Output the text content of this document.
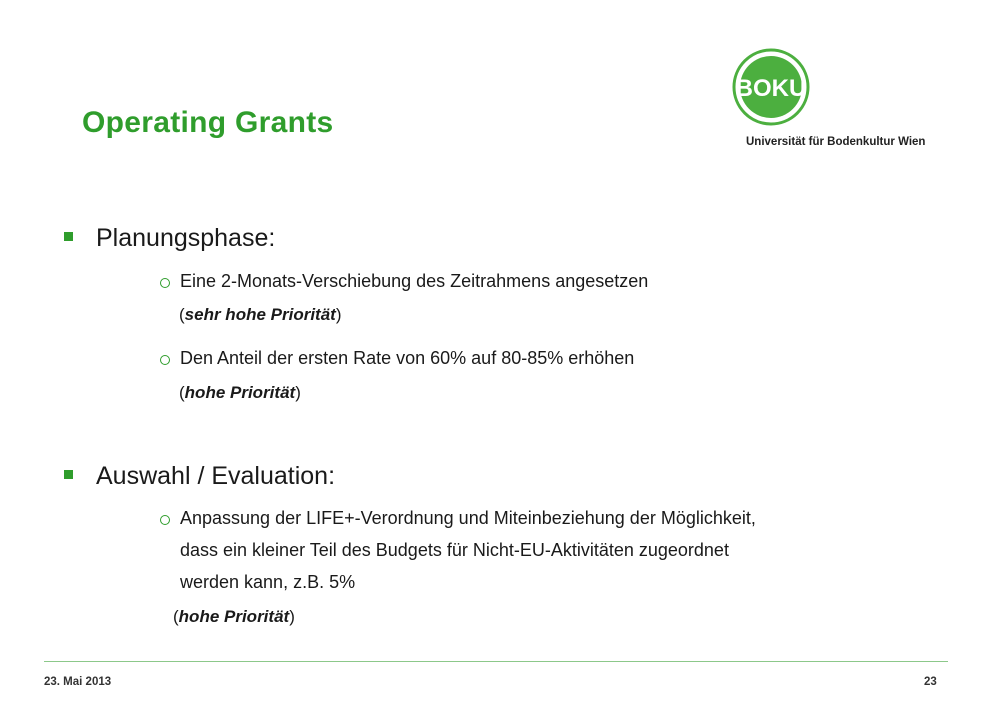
Operating Grants
BOKU
Universität für Bodenkultur Wien
Planungsphase:
Eine 2-Monats-Verschiebung des Zeitrahmens angesetzen
(sehr hohe Priorität)
Den Anteil der ersten Rate von 60% auf 80-85% erhöhen
(hohe Priorität)
Auswahl / Evaluation:
Anpassung der LIFE+-Verordnung und Miteinbeziehung der Möglichkeit,
dass ein kleiner Teil des Budgets für Nicht-EU-Aktivitäten zugeordnet
werden kann, z.B. 5%
(hohe Priorität)
23. Mai 2013	23
